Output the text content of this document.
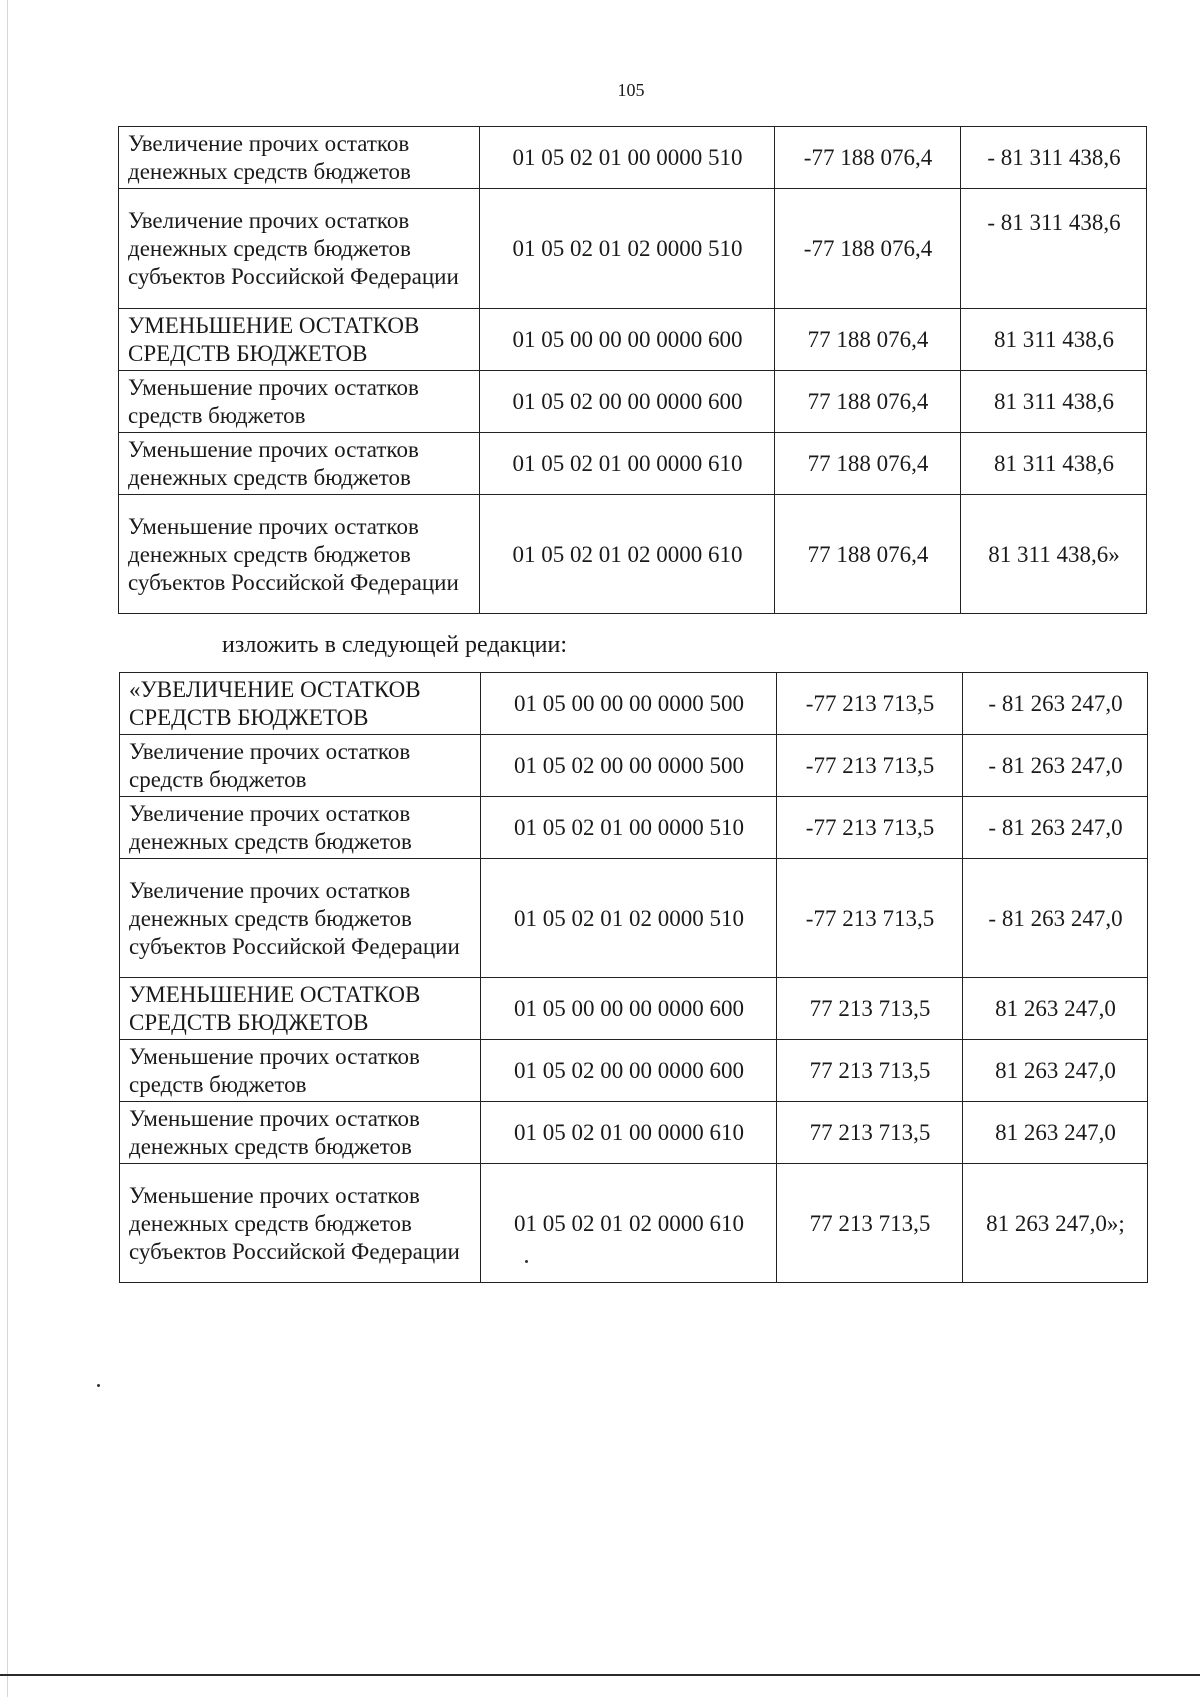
105
Увеличение прочих остатков денежных средств бюджетов	01 05 02 01 00 0000 510	-77 188 076,4	- 81 311 438,6
Увеличение прочих остатков денежных средств бюджетов субъектов Российской Федерации	01 05 02 01 02 0000 510	-77 188 076,4	- 81 311 438,6
УМЕНЬШЕНИЕ ОСТАТКОВ СРЕДСТВ БЮДЖЕТОВ	01 05 00 00 00 0000 600	77 188 076,4	81 311 438,6
Уменьшение прочих остатков средств бюджетов	01 05 02 00 00 0000 600	77 188 076,4	81 311 438,6
Уменьшение прочих остатков денежных средств бюджетов	01 05 02 01 00 0000 610	77 188 076,4	81 311 438,6
Уменьшение прочих остатков денежных средств бюджетов субъектов Российской Федерации	01 05 02 01 02 0000 610	77 188 076,4	81 311 438,6»
изложить в следующей редакции:
«УВЕЛИЧЕНИЕ ОСТАТКОВ СРЕДСТВ БЮДЖЕТОВ	01 05 00 00 00 0000 500	-77 213 713,5	- 81 263 247,0
Увеличение прочих остатков средств бюджетов	01 05 02 00 00 0000 500	-77 213 713,5	- 81 263 247,0
Увеличение прочих остатков денежных средств бюджетов	01 05 02 01 00 0000 510	-77 213 713,5	- 81 263 247,0
Увеличение прочих остатков денежных средств бюджетов субъектов Российской Федерации	01 05 02 01 02 0000 510	-77 213 713,5	- 81 263 247,0
УМЕНЬШЕНИЕ ОСТАТКОВ СРЕДСТВ БЮДЖЕТОВ	01 05 00 00 00 0000 600	77 213 713,5	81 263 247,0
Уменьшение прочих остатков средств бюджетов	01 05 02 00 00 0000 600	77 213 713,5	81 263 247,0
Уменьшение прочих остатков денежных средств бюджетов	01 05 02 01 00 0000 610	77 213 713,5	81 263 247,0
Уменьшение прочих остатков денежных средств бюджетов субъектов Российской Федерации	01 05 02 01 02 0000 610	77 213 713,5	81 263 247,0»;
